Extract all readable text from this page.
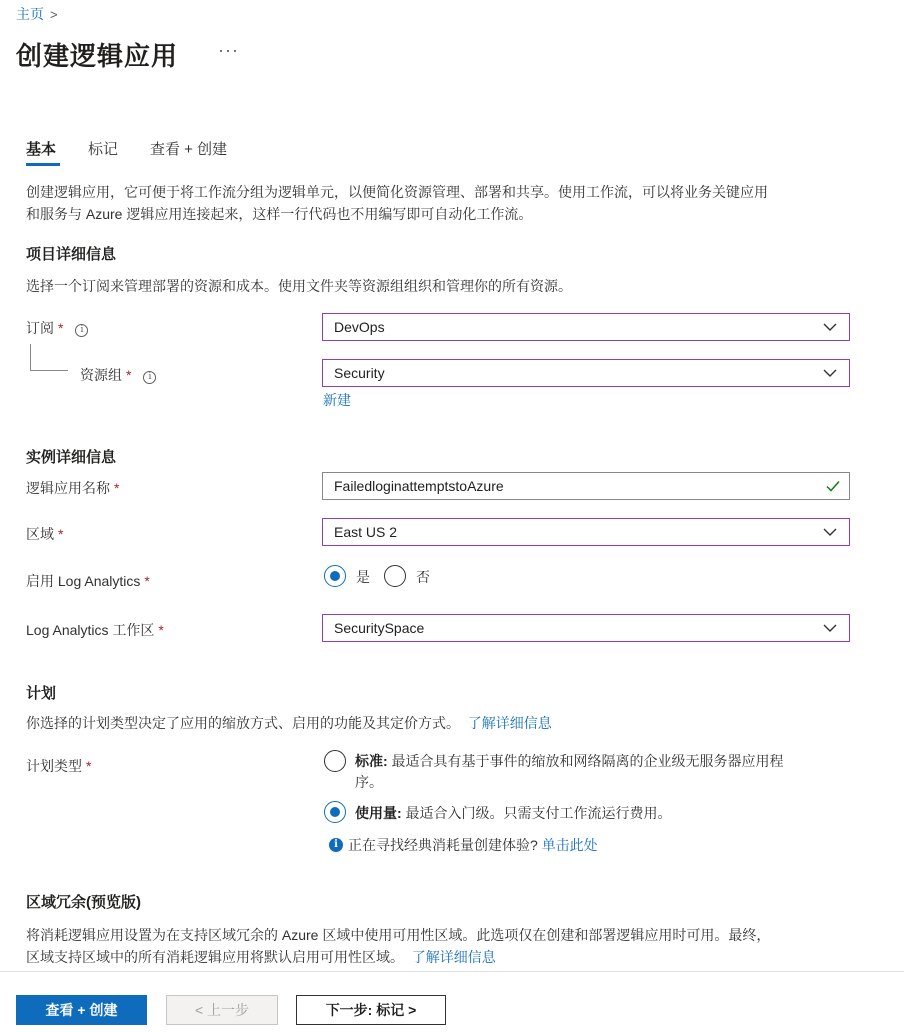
主页 >
创建逻辑应用 ···
基本 标记 查看 + 创建
创建逻辑应用，它可便于将工作流分组为逻辑单元，以便简化资源管理、部署和共享。使用工作流，可以将业务关键应用
和服务与 Azure 逻辑应用连接起来，这样一行代码也不用编写即可自动化工作流。
项目详细信息
选择一个订阅来管理部署的资源和成本。使用文件夹等资源组组织和管理你的所有资源。
订阅 * i	DevOps
资源组 * i	Security
新建
实例详细信息
逻辑应用名称 *	FailedloginattemptstoAzure
区域 *	East US 2
启用 Log Analytics *	是	否
Log Analytics 工作区 *	SecuritySpace
计划
你选择的计划类型决定了应用的缩放方式、启用的功能及其定价方式。 了解详细信息
计划类型 *	标准: 最适合具有基于事件的缩放和网络隔离的企业级无服务器应用程
序。
使用量: 最适合入门级。只需支付工作流运行费用。
i 正在寻找经典消耗量创建体验? 单击此处
区域冗余(预览版)
将消耗逻辑应用设置为在支持区域冗余的 Azure 区域中使用可用性区域。此选项仅在创建和部署逻辑应用时可用。最终，
区域支持区域中的所有消耗逻辑应用将默认启用可用性区域。 了解详细信息
查看 + 创建	< 上一步	下一步: 标记 >
